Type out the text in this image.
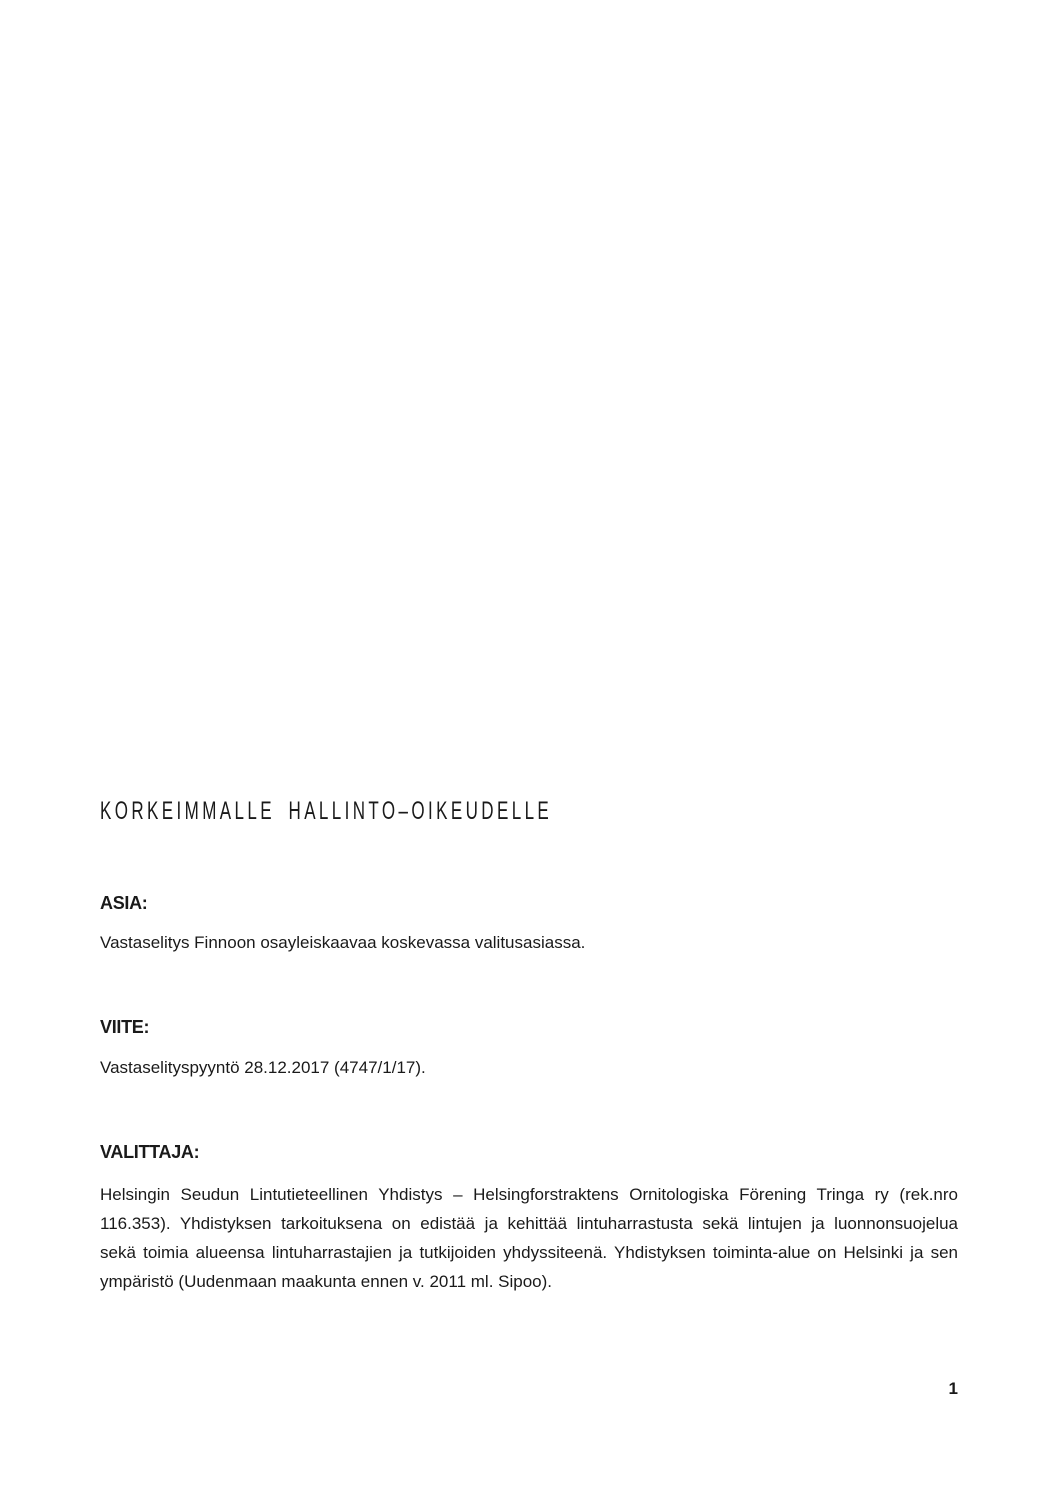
KORKEIMMALLE HALLINTO–OIKEUDELLE
ASIA:

Vastaselitys Finnoon osayleiskaavaa koskevassa valitusasiassa.

VIITE:

Vastaselityspyyntö 28.12.2017 (4747/1/17).

VALITTAJA:
Helsingin Seudun Lintutieteellinen Yhdistys – Helsingforstraktens Ornitologiska Förening Tringa ry (rek.nro
116.353). Yhdistyksen tarkoituksena on edistää ja kehittää lintuharrastusta sekä lintujen ja luonnonsuojelua
sekä toimia alueensa lintuharrastajien ja tutkijoiden yhdyssiteenä. Yhdistyksen toiminta-alue on Helsinki ja sen
ympäristö (Uudenmaan maakunta ennen v. 2011 ml. Sipoo).
1
